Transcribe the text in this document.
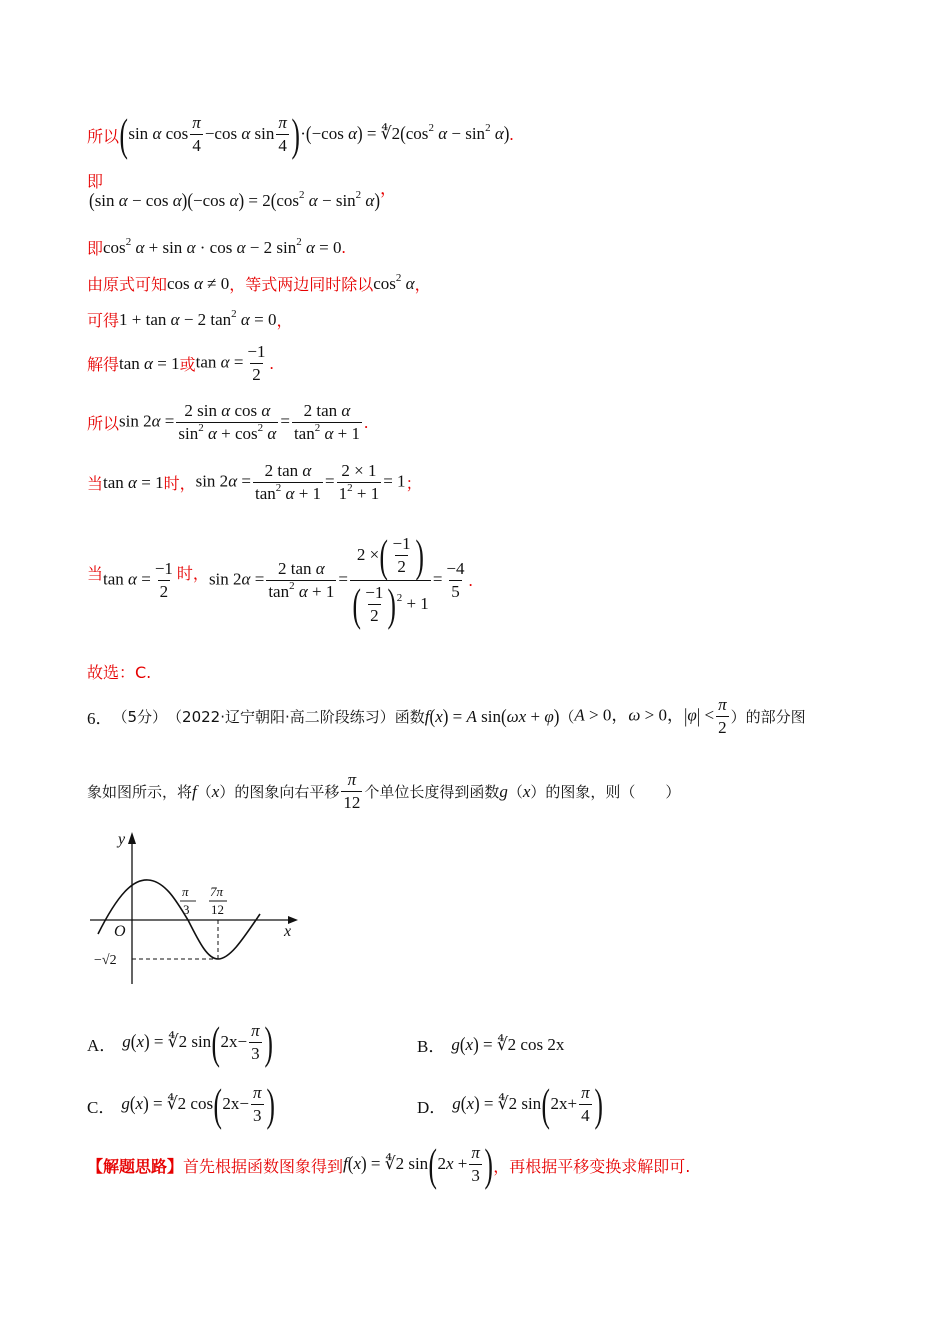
所以 (sin α $\cos \frac{\pi}{4} -\cos$ α $\sin \frac{\pi}{4} )\cdot(-\cos$ $\alpha) = ∜2(\cos^2$ $\alpha - \sin^2 \alpha$) .
即
(sin α − cos α)(−cos $\alpha) = 2(\cos^2$ $\alpha - \sin^2 \alpha$) ，
即 $\cos^2 \alpha + \sin \alpha \cdot \cos \alpha - 2$ $\sin^2 \alpha = 0$ .
由原式可知 cos α ≠ 0 ，等式两边同时除以 $\cos^2 \alpha$ ，
可得 1 + tan α − 2 $\tan^2 \alpha = 0$ ，
解得 tan α = 1 或 $\tan \alpha = \frac{-1}{2}$ .
所以 $\sin 2\alpha = \frac{\text{2 sin α cos α}}{\sin^2 \alpha + \cos^2 \alpha} = \frac{\text{2 tan α}}{\tan^2 \alpha + 1}$ .
当 tan α = 1 时， $\sin 2\alpha = \frac{\text{2 tan α}}{\tan^2 \alpha + 1} = \frac{2 \times 1}{1^2 + 1} = 1$ ；
当 $\tan \alpha = \frac{-1}{2}$ 时， $\sin 2\alpha = \frac{\text{2 tan α}}{\tan^2 \alpha + 1} = \frac{2 \times( \frac{-1}{2} )}{( \frac{-1}{2} )^2 + 1} = \frac{-4}{5}$ .
故选：C.
6． （5分） （2022·辽宁朝阳·高二阶段练习） 函数 f(x) = A sin(ωx + φ) （ A > 0，ω > 0，$|\varphi| < \frac{\pi}{2}$ ）的部分图
象如图所示，将 f （ x ）的图象向右平移 $\frac{\pi}{12}$ 个单位长度得到函数 g （ x ）的图象，则（　　）
y
x
O
π
3
7π
12
−√2
A． g(x) = ∜2 $\sin(2x- \frac{\pi}{3}$ )	B． g(x) = ∜2 cos 2x
C． g(x) = ∜2 $\cos(2x- \frac{\pi}{3}$ )	D． g(x) = ∜2 $\sin(2x+ \frac{\pi}{4}$ )
【解题思路】 首先根据函数图象得到 f(x) = ∜2 $\sin(2x + \frac{\pi}{3}$ ) ，再根据平移变换求解即可.
